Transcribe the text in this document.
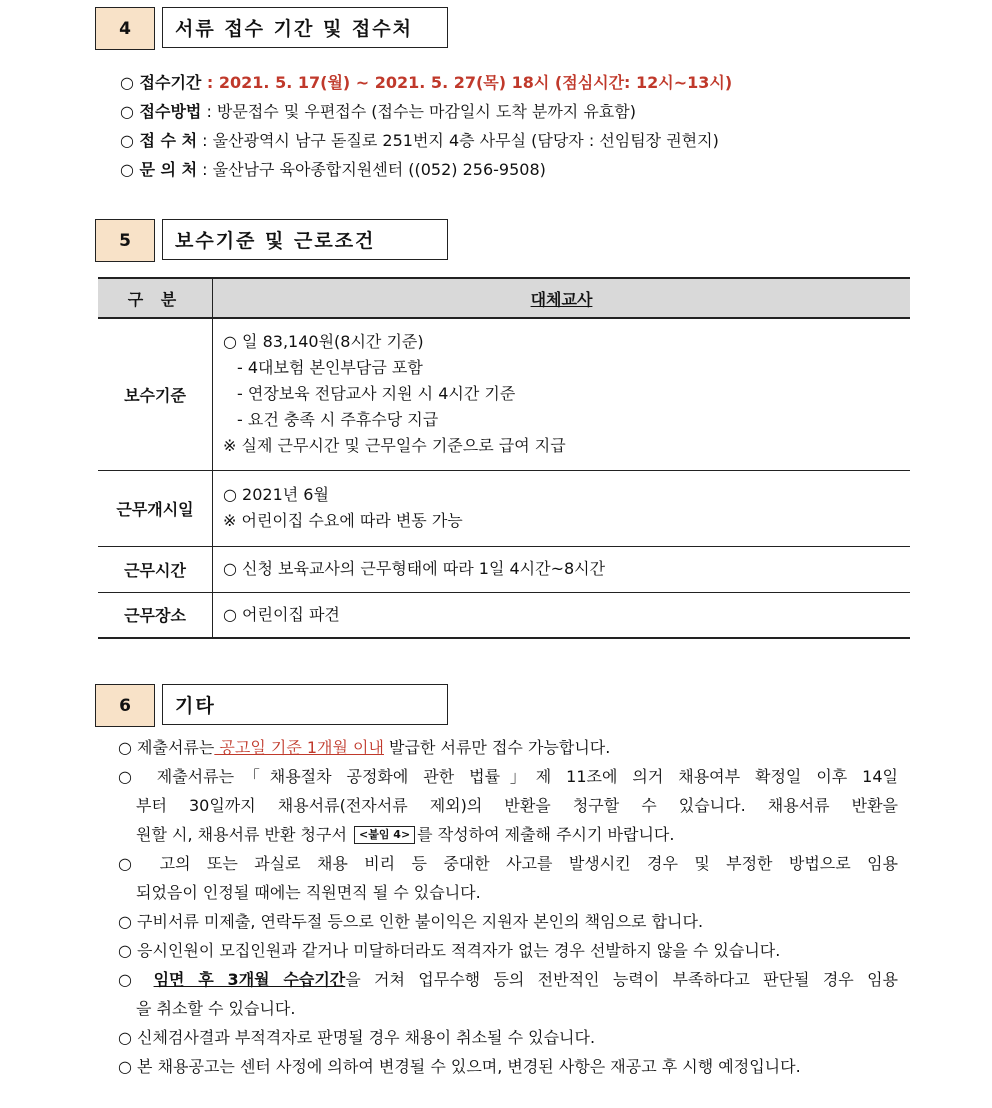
4	서류 접수 기간 및 접수처
○ 접수기간 : 2021. 5. 17(월) ~ 2021. 5. 27(목) 18시 (점심시간: 12시~13시)
○ 접수방법 : 방문접수 및 우편접수 (접수는 마감일시 도착 분까지 유효함)
○ 접 수 처 : 울산광역시 남구 돋질로 251번지 4층 사무실 (담당자 : 선임팀장 권현지)
○ 문 의 처 : 울산남구 육아종합지원센터 ((052) 256-9508)
5	보수기준 및 근로조건
구 분	대체교사
보수기준	○ 일 83,140원(8시간 기준)
- 4대보험 본인부담금 포함
- 연장보육 전담교사 지원 시 4시간 기준
- 요건 충족 시 주휴수당 지급
※ 실제 근무시간 및 근무일수 기준으로 급여 지급

근무개시일	○ 2021년 6월
※ 어린이집 수요에 따라 변동 가능

근무시간	○ 신청 보육교사의 근무형태에 따라 1일 4시간~8시간

근무장소	○ 어린이집 파견
6	기타
○ 제출서류는 공고일 기준 1개월 이내 발급한 서류만 접수 가능합니다.
○ 제출서류는「채용절차 공정화에 관한 법률」제 11조에 의거 채용여부 확정일 이후 14일
부터 30일까지 채용서류(전자서류 제외)의 반환을 청구할 수 있습니다. 채용서류 반환을
원할 시, 채용서류 반환 청구서 <붙임 4> 를 작성하여 제출해 주시기 바랍니다.
○ 고의 또는 과실로 채용 비리 등 중대한 사고를 발생시킨 경우 및 부정한 방법으로 임용
되었음이 인정될 때에는 직원면직 될 수 있습니다.
○ 구비서류 미제출, 연락두절 등으로 인한 불이익은 지원자 본인의 책임으로 합니다.
○ 응시인원이 모집인원과 같거나 미달하더라도 적격자가 없는 경우 선발하지 않을 수 있습니다.
○ 임면 후 3개월 수습기간을 거쳐 업무수행 등의 전반적인 능력이 부족하다고 판단될 경우 임용
을 취소할 수 있습니다.
○ 신체검사결과 부적격자로 판명될 경우 채용이 취소될 수 있습니다.
○ 본 채용공고는 센터 사정에 의하여 변경될 수 있으며, 변경된 사항은 재공고 후 시행 예정입니다.
